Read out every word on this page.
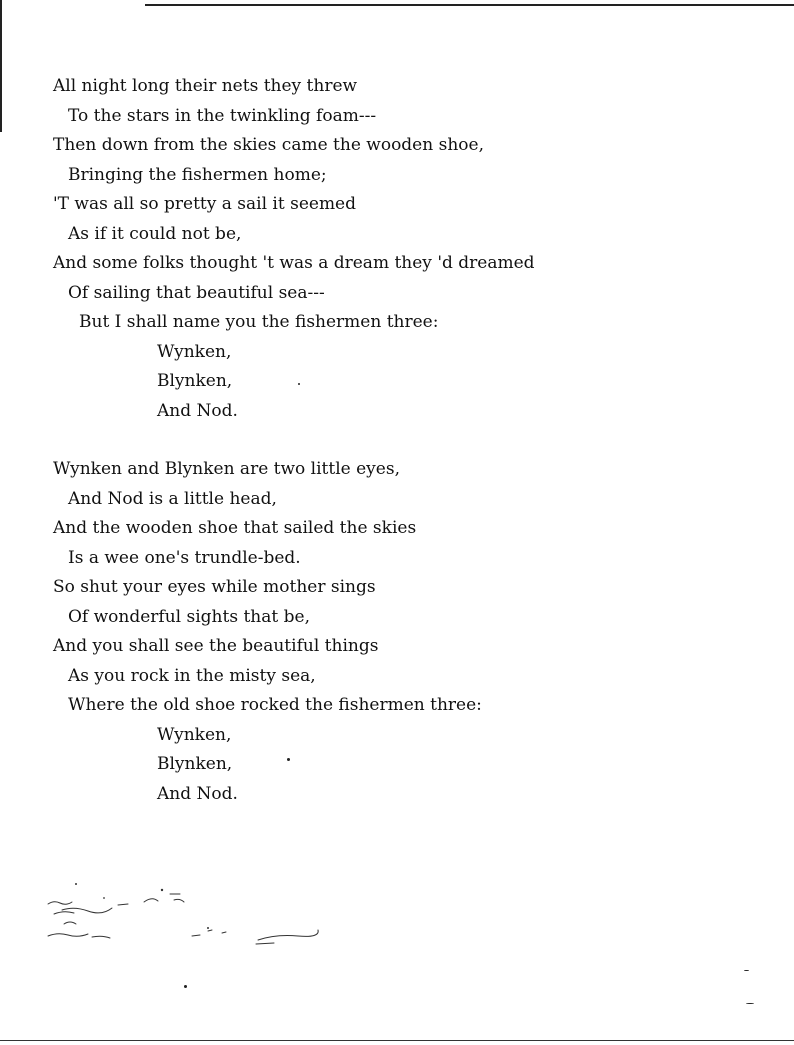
All night long their nets they threw
To the stars in the twinkling foam---
Then down from the skies came the wooden shoe,
Bringing the fishermen home;
'T was all so pretty a sail it seemed
As if it could not be,
And some folks thought 't was a dream they 'd dreamed
Of sailing that beautiful sea---
But I shall name you the fishermen three:
Wynken,
Blynken,
And Nod.
Wynken and Blynken are two little eyes,
And Nod is a little head,
And the wooden shoe that sailed the skies
Is a wee one's trundle-bed.
So shut your eyes while mother sings
Of wonderful sights that be,
And you shall see the beautiful things
As you rock in the misty sea,
Where the old shoe rocked the fishermen three:
Wynken,
Blynken,
And Nod.
